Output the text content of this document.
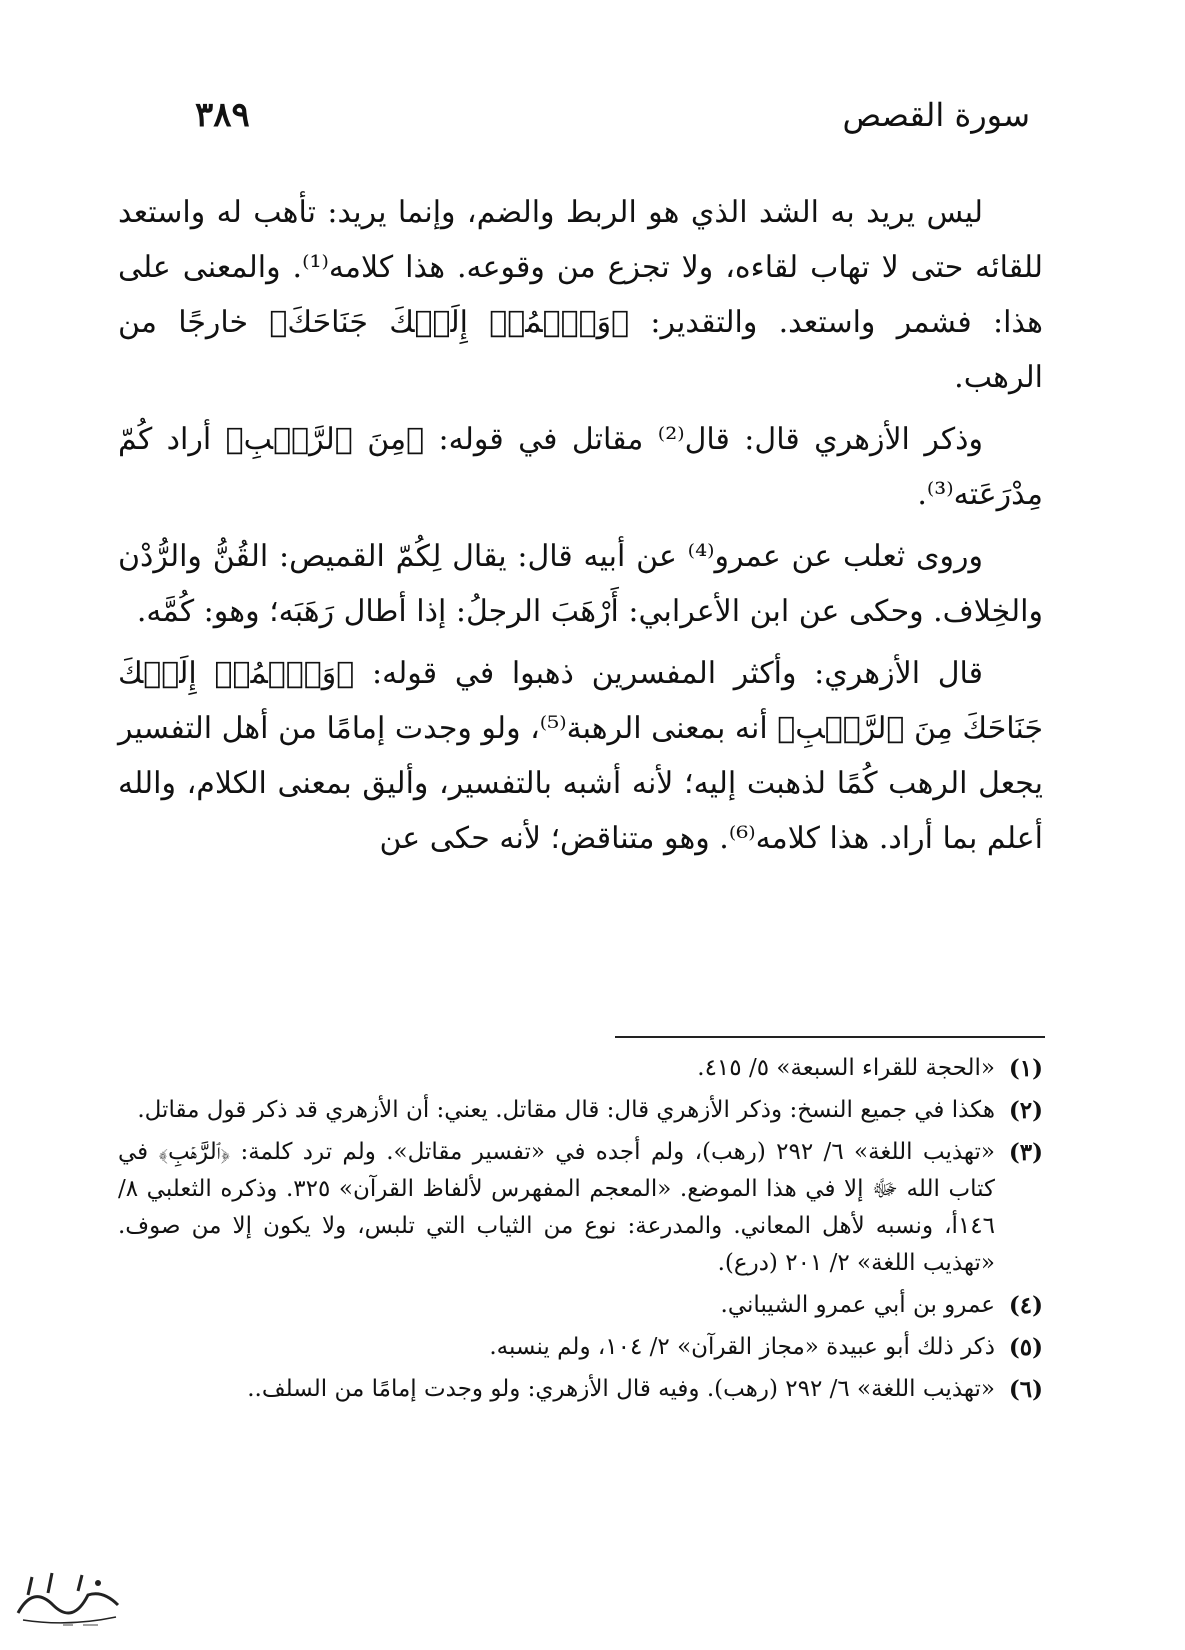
سورة القصص
٣٨٩

ليس يريد به الشد الذي هو الربط والضم، وإنما يريد: تأهب له واستعد للقائه حتى لا تهاب لقاءه، ولا تجزع من وقوعه. هذا كلامه⁽¹⁾. والمعنى على هذا: فشمر واستعد. والتقدير: ﴿وَٱضۡمُمۡ إِلَيۡكَ جَنَاحَكَ﴾ خارجًا من الرهب.

وذكر الأزهري قال: قال⁽²⁾ مقاتل في قوله: ﴿مِنَ ٱلرَّهۡبِ﴾ أراد كُمّ مِدْرَعَته⁽³⁾.

وروى ثعلب عن عمرو⁽⁴⁾ عن أبيه قال: يقال لِكُمّ القميص: القُنُّ والرُّدْن والخِلاف. وحكى عن ابن الأعرابي: أَرْهَبَ الرجلُ: إذا أطال رَهَبَه؛ وهو: كُمَّه.

قال الأزهري: وأكثر المفسرين ذهبوا في قوله: ﴿وَٱضۡمُمۡ إِلَيۡكَ جَنَاحَكَ مِنَ ٱلرَّهۡبِ﴾ أنه بمعنى الرهبة⁽⁵⁾، ولو وجدت إمامًا من أهل التفسير يجعل الرهب كُمًا لذهبت إليه؛ لأنه أشبه بالتفسير، وأليق بمعنى الكلام، والله أعلم بما أراد. هذا كلامه⁽⁶⁾. وهو متناقض؛ لأنه حكى عن

(١)
«الحجة للقراء السبعة» ٥/ ٤١٥.
(٢)
هكذا في جميع النسخ: وذكر الأزهري قال: قال مقاتل. يعني: أن الأزهري قد ذكر قول مقاتل.
(٣)
«تهذيب اللغة» ٦/ ٢٩٢ (رهب)، ولم أجده في «تفسير مقاتل». ولم ترد كلمة: ﴿ٱلرَّهۡبِ﴾ في كتاب الله ﷻ إلا في هذا الموضع. «المعجم المفهرس لألفاظ القرآن» ٣٢٥. وذكره الثعلبي ٨/ ١٤٦أ، ونسبه لأهل المعاني. والمدرعة: نوع من الثياب التي تلبس، ولا يكون إلا من صوف. «تهذيب اللغة» ٢/ ٢٠١ (درع).
(٤)
عمرو بن أبي عمرو الشيباني.
(٥)
ذكر ذلك أبو عبيدة «مجاز القرآن» ٢/ ١٠٤، ولم ينسبه.
(٦)
«تهذيب اللغة» ٦/ ٢٩٢ (رهب). وفيه قال الأزهري: ولو وجدت إمامًا من السلف..
